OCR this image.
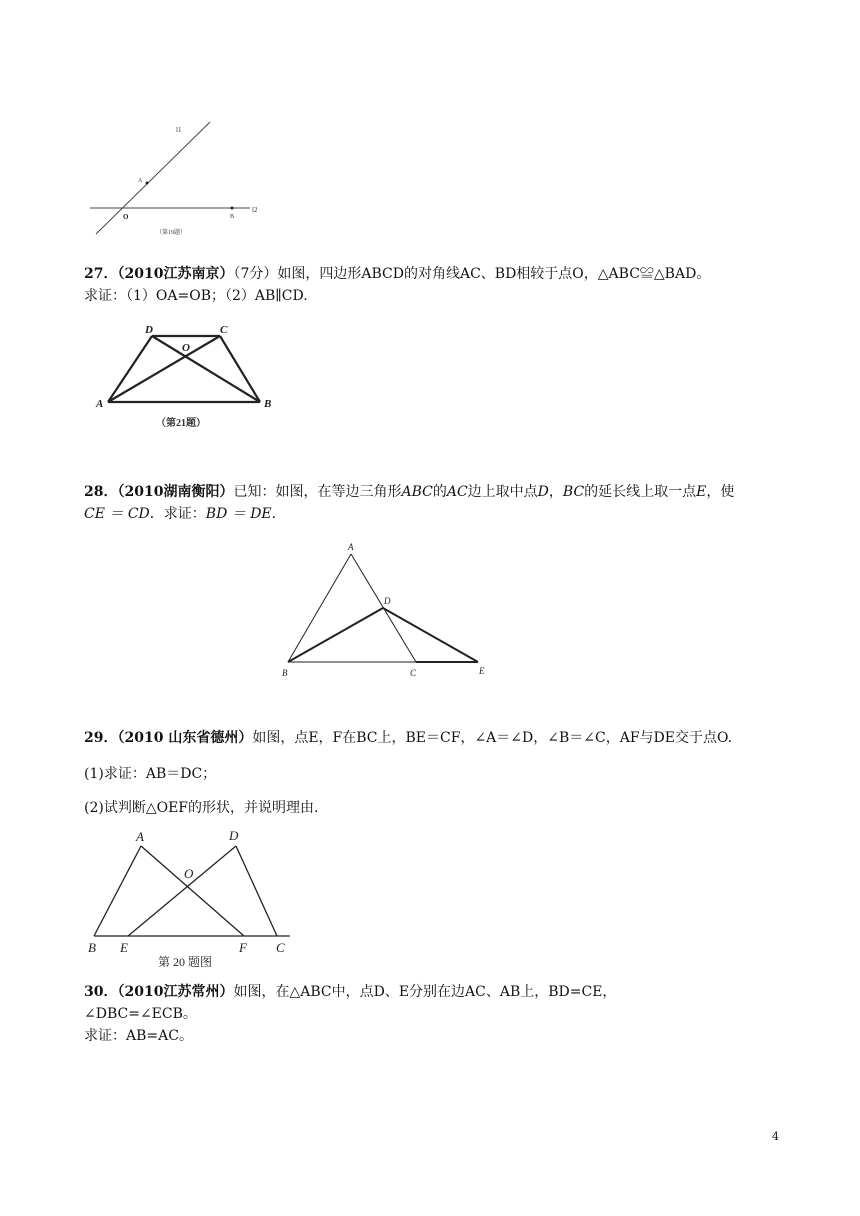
l1
l2
A
O	B
（第19题）
27．（2010江苏南京）（7分）如图，四边形ABCD的对角线AC、BD相较于点O，△ABC≌△BAD。
求证：（1）OA=OB；（2）AB∥CD.
D	C
O
A	B
（第21题）
28．（2010湖南衡阳）已知：如图，在等边三角形ABC的AC边上取中点D，BC的延长线上取一点E，使
CE ＝ CD．求证：BD ＝ DE．
A
D
B	C	E
29．（2010 山东省德州）如图，点E，F在BC上，BE＝CF，∠A＝∠D，∠B＝∠C，AF与DE交于点O.
(1)求证：AB＝DC；
(2)试判断△OEF的形状，并说明理由.
A	D
O
B E	F C
第 20 题图
30．（2010江苏常州）如图，在△ABC中，点D、E分别在边AC、AB上，BD=CE，
∠DBC=∠ECB。
求证：AB=AC。
4
